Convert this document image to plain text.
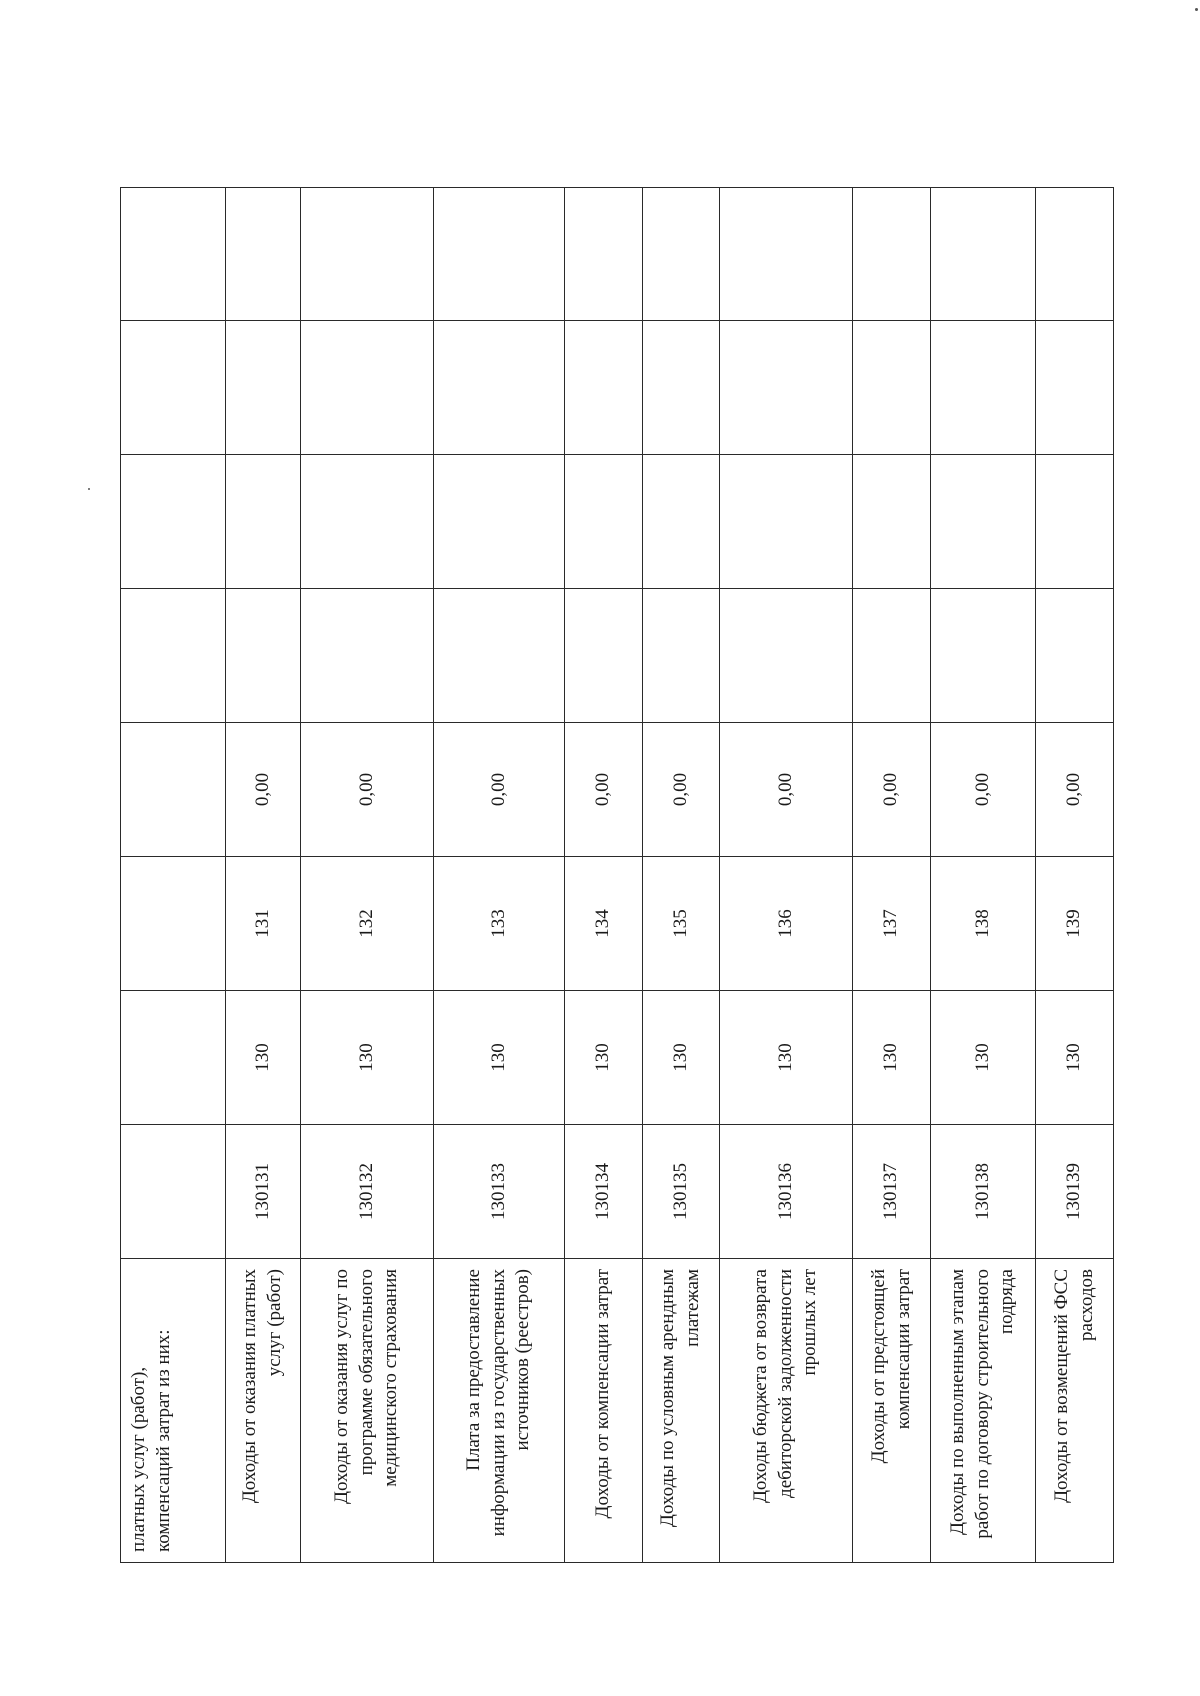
платных услуг (работ), компенсаций затрат из них:								
Доходы от оказания платных услуг (работ)	130131	130	131	0,00				
Доходы от оказания услуг по программе обязательного медицинского страхования	130132	130	132	0,00				
Плата за предоставление информации из государственных источников (реестров)	130133	130	133	0,00				
Доходы от компенсации затрат	130134	130	134	0,00				
Доходы по условным арендным платежам	130135	130	135	0,00				
Доходы бюджета от возврата дебиторской задолженности прошлых лет	130136	130	136	0,00				
Доходы от предстоящей компенсации затрат	130137	130	137	0,00				
Доходы по выполненным этапам работ по договору строительного подряда	130138	130	138	0,00				
Доходы от возмещений ФСС расходов	130139	130	139	0,00				
